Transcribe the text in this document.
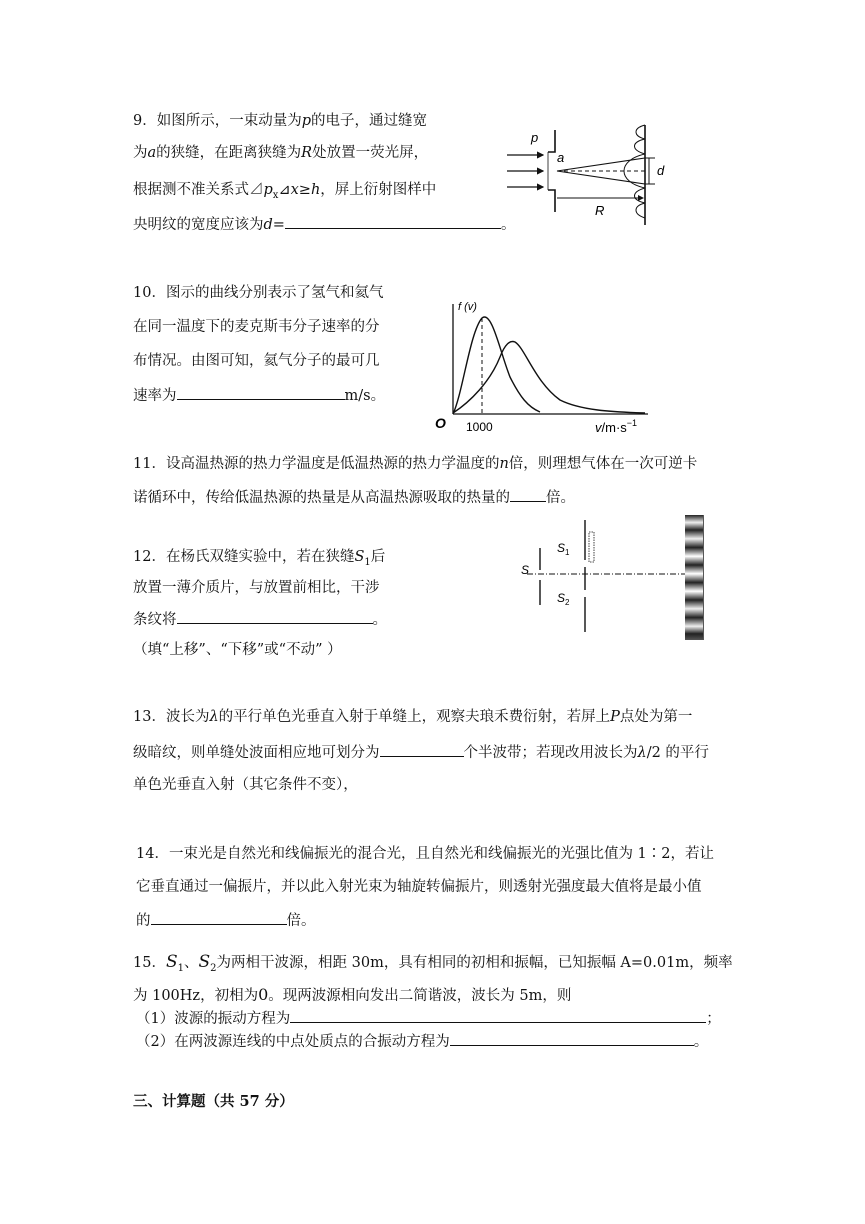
9．如图所示，一束动量为p的电子，通过缝宽
为a的狭缝，在距离狭缝为R处放置一荧光屏，
根据测不准关系式$⊿p_x⊿x\ge h$，屏上衍射图样中
央明纹的宽度应该为d=	。
p
a
d
R
10．图示的曲线分别表示了氢气和氦气
在同一温度下的麦克斯韦分子速率的分
布情况。由图可知，氦气分子的最可几
速率为	m/s。
f (v)
O 1000	$v/m\cdot s^{-1}$
11．设高温热源的热力学温度是低温热源的热力学温度的n倍，则理想气体在一次可逆卡
诺循环中，传给低温热源的热量是从高温热源吸取的热量的 倍。
12．在杨氏双缝实验中，若在狭缝$S_1$后
放置一薄介质片，与放置前相比，干涉
条纹将	。
（填“上移”、“下移”或“不动” ）
S
$S_1$
$S_2$
13．波长为λ的平行单色光垂直入射于单缝上，观察夫琅禾费衍射，若屏上P点处为第一
级暗纹，则单缝处波面相应地可划分为	个半波带；若现改用波长为λ/2 的平行
单色光垂直入射（其它条件不变），
14．一束光是自然光和线偏振光的混合光，且自然光和线偏振光的光强比值为 1∶2，若让
它垂直通过一偏振片，并以此入射光束为轴旋转偏振片，则透射光强度最大值将是最小值
的	倍。
15．$S_1$、$S_2$为两相干波源，相距 30m，具有相同的初相和振幅，已知振幅 A=0.01m，频率
为 100Hz，初相为0。现两波源相向发出二简谐波，波长为 5m，则
（1）波源的振动方程为	；
（2）在两波源连线的中点处质点的合振动方程为	。
三、计算题（共 57 分）
